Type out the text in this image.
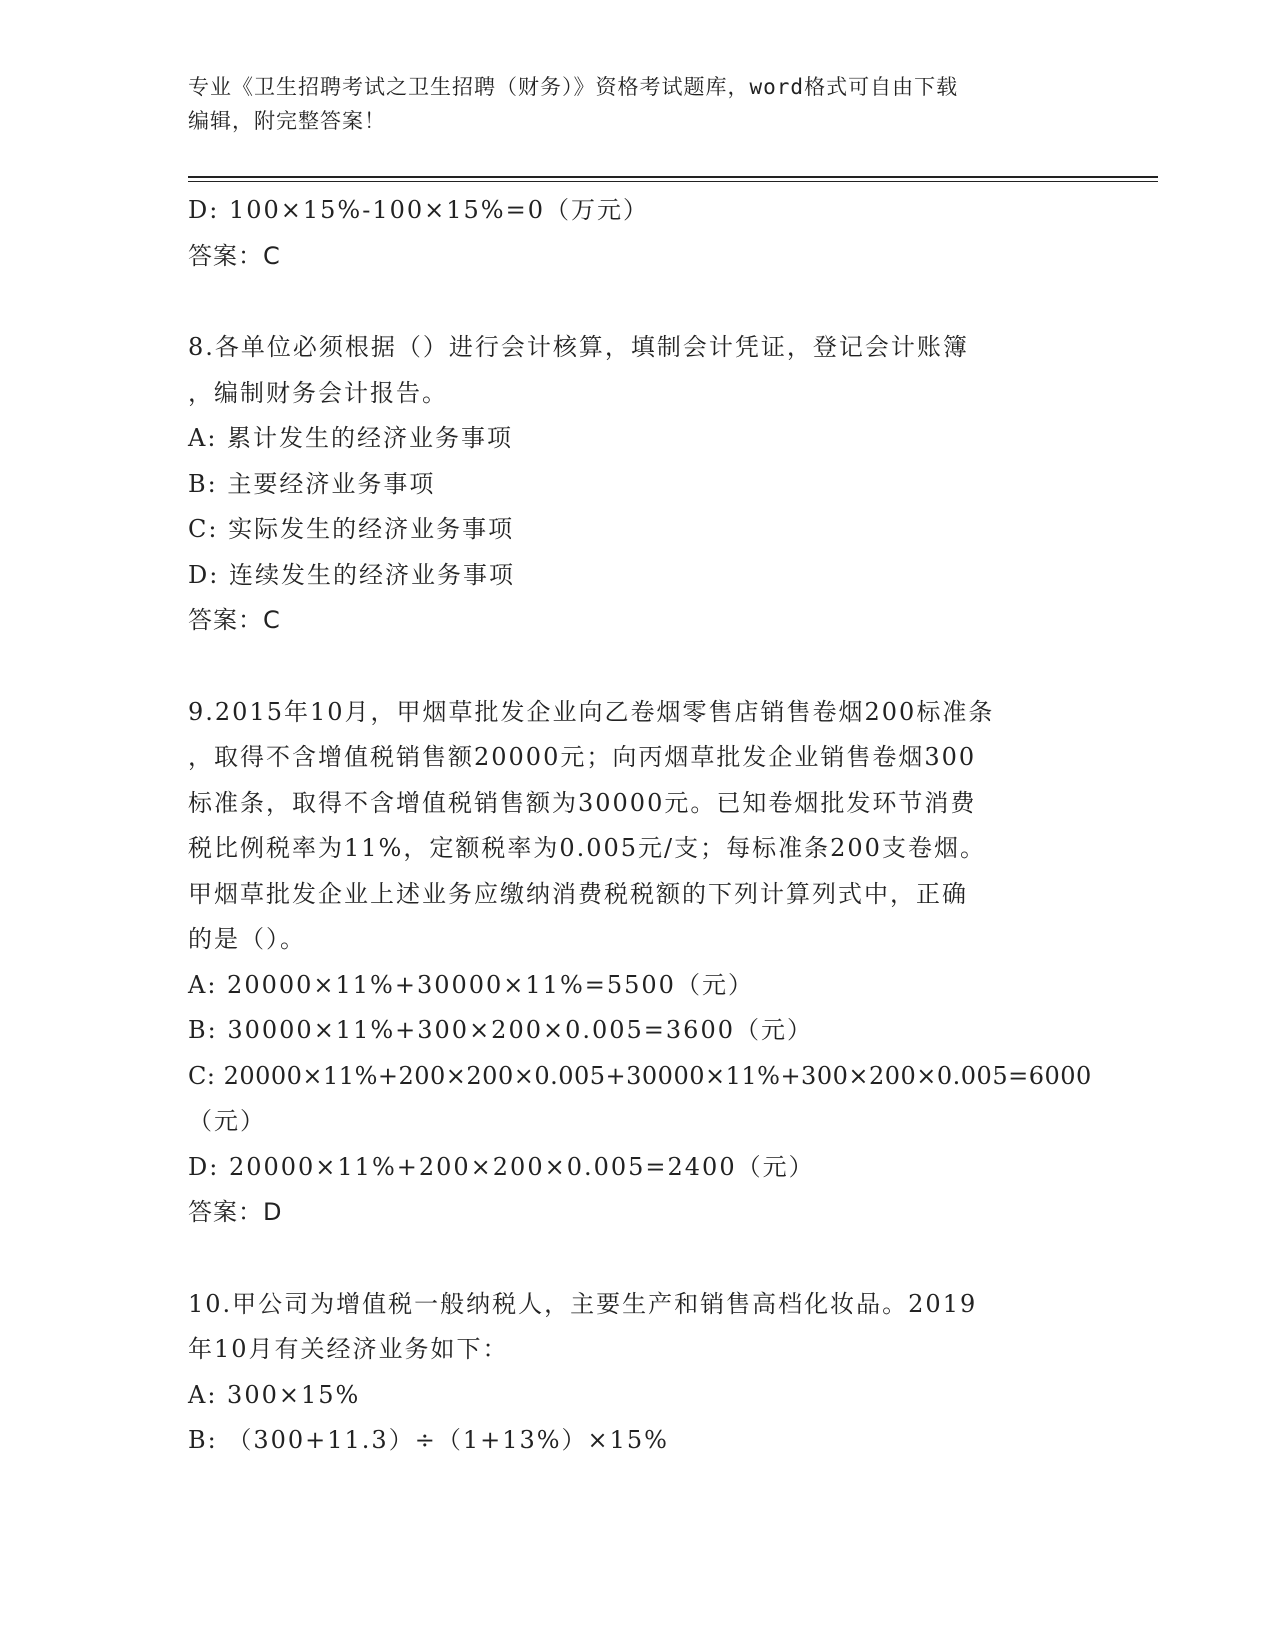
专业《卫生招聘考试之卫生招聘（财务）》资格考试题库，word格式可自由下载
编辑，附完整答案！
D: 100×15%-100×15%=0（万元）
答案：C
8.各单位必须根据（）进行会计核算，填制会计凭证，登记会计账簿
，编制财务会计报告。
A: 累计发生的经济业务事项
B: 主要经济业务事项
C: 实际发生的经济业务事项
D: 连续发生的经济业务事项
答案：C
9.2015年10月，甲烟草批发企业向乙卷烟零售店销售卷烟200标准条
，取得不含增值税销售额20000元；向丙烟草批发企业销售卷烟300
标准条，取得不含增值税销售额为30000元。已知卷烟批发环节消费
税比例税率为11%，定额税率为0.005元/支；每标准条200支卷烟。
甲烟草批发企业上述业务应缴纳消费税税额的下列计算列式中，正确
的是（）。
A: 20000×11%+30000×11%=5500（元）
B: 30000×11%+300×200×0.005=3600（元）
C: 20000×11%+200×200×0.005+30000×11%+300×200×0.005=6000
（元）
D: 20000×11%+200×200×0.005=2400（元）
答案：D
10.甲公司为增值税一般纳税人，主要生产和销售高档化妆品。2019
年10月有关经济业务如下：
A: 300×15%
B: （300+11.3）÷（1+13%）×15%
